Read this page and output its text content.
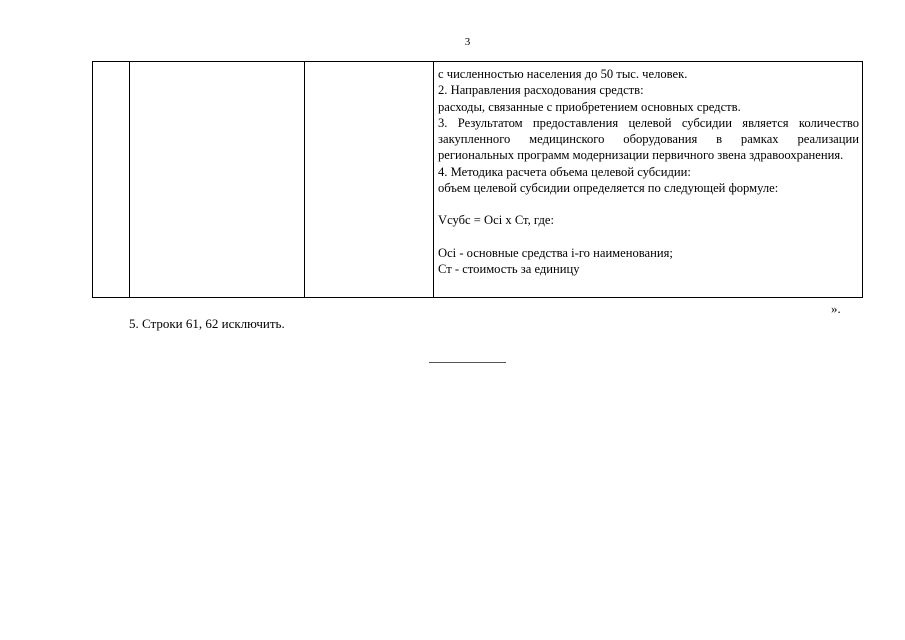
3

с численностью населения до 50 тыс. человек.
2. Направления расходования средств:
расходы, связанные с приобретением основных средств.
3. Результатом предоставления целевой субсидии является количество закупленного медицинского оборудования в рамках реализации региональных программ модернизации первичного звена здравоохранения.
4. Методика расчета объема целевой субсидии:
объем целевой субсидии определяется по следующей формуле:
Vсубс = Осi х Ст, где:
Осi - основные средства i-го наименования;
Ст - стоимость за единицу
».
5. Строки 61, 62 исключить.
